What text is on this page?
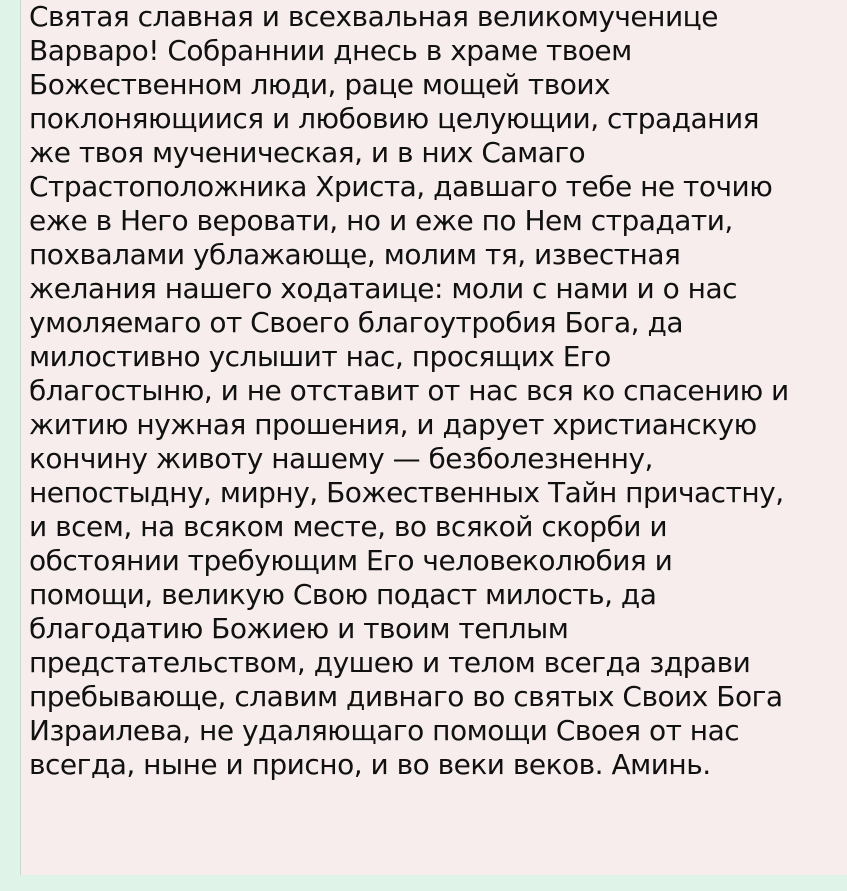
Святая славная и всехвальная великомученице
Варваро! Собраннии днесь в храме твоем
Божественном люди, раце мощей твоих
поклоняющиися и любовию целующии, страдания
же твоя мученическая, и в них Самаго
Страстоположника Христа, давшаго тебе не точию
еже в Него веровати, но и еже по Нем страдати,
похвалами ублажающе, молим тя, известная
желания нашего ходатаице: моли с нами и о нас
умоляемаго от Своего благоутробия Бога, да
милостивно услышит нас, просящих Его
благостыню, и не отставит от нас вся ко спасению и
житию нужная прошения, и дарует христианскую
кончину животу нашему — безболезненну,
непостыдну, мирну, Божественных Тайн причастну,
и всем, на всяком месте, во всякой скорби и
обстоянии требующим Его человеколюбия и
помощи, великую Свою подаст милость, да
благодатию Божиею и твоим теплым
предстательством, душею и телом всегда здрави
пребывающе, славим дивнаго во святых Своих Бога
Израилева, не удаляющаго помощи Своея от нас
всегда, ныне и присно, и во веки веков. Аминь.
